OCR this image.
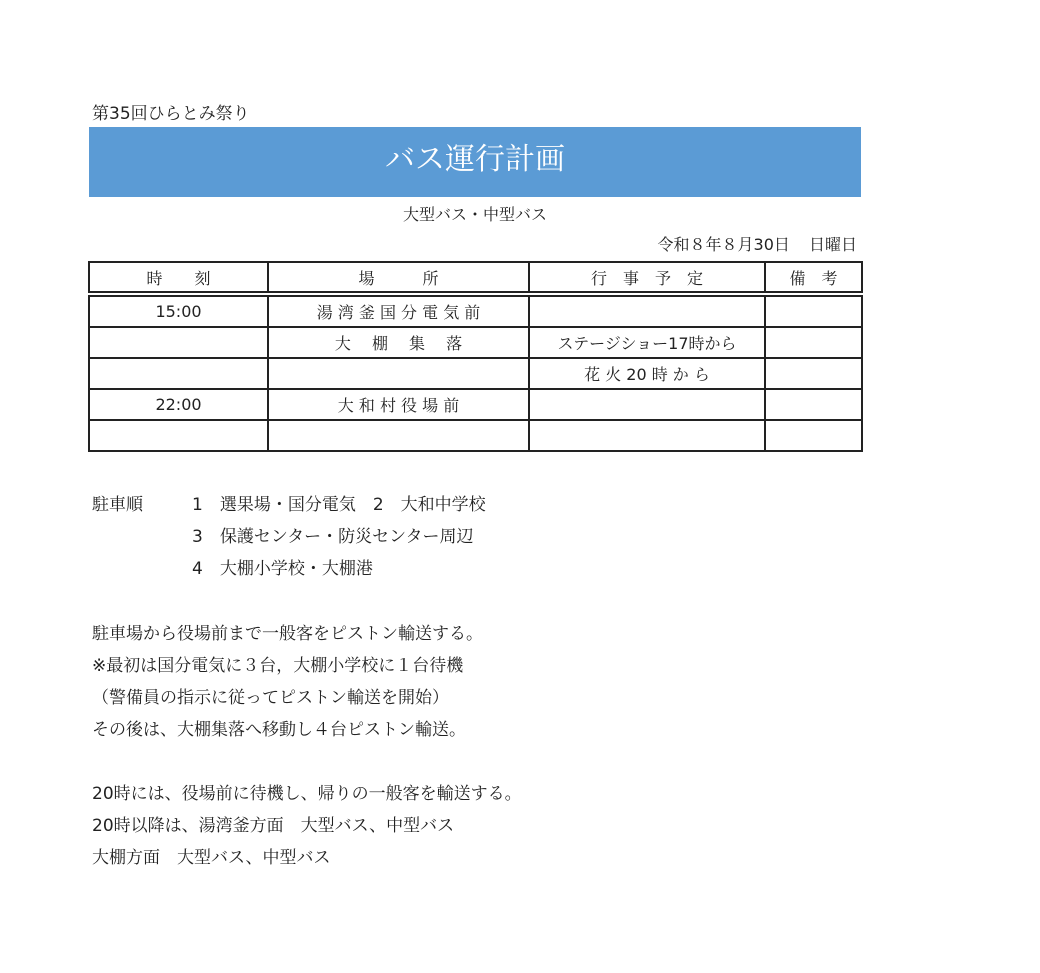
第35回ひらとみ祭り
バス運行計画
大型バス・中型バス
令和８年８月30日 日曜日
時　　刻	場　　　所	行　事　予　定	備　考
15:00	湯 湾 釜 国 分 電 気 前		
	大　 棚 　集 　落	ステージショー17時から	
		花 火 20 時 か ら	
22:00	大 和 村 役 場 前		

駐車順	1　選果場・国分電気　2　大和中学校
3　保護センター・防災センター周辺
4　大棚小学校・大棚港
駐車場から役場前まで一般客をピストン輸送する。
※最初は国分電気に３台，大棚小学校に１台待機
（警備員の指示に従ってピストン輸送を開始）
その後は、大棚集落へ移動し４台ピストン輸送。
20時には、役場前に待機し、帰りの一般客を輸送する。
20時以降は、湯湾釜方面　大型バス、中型バス
大棚方面　大型バス、中型バス
